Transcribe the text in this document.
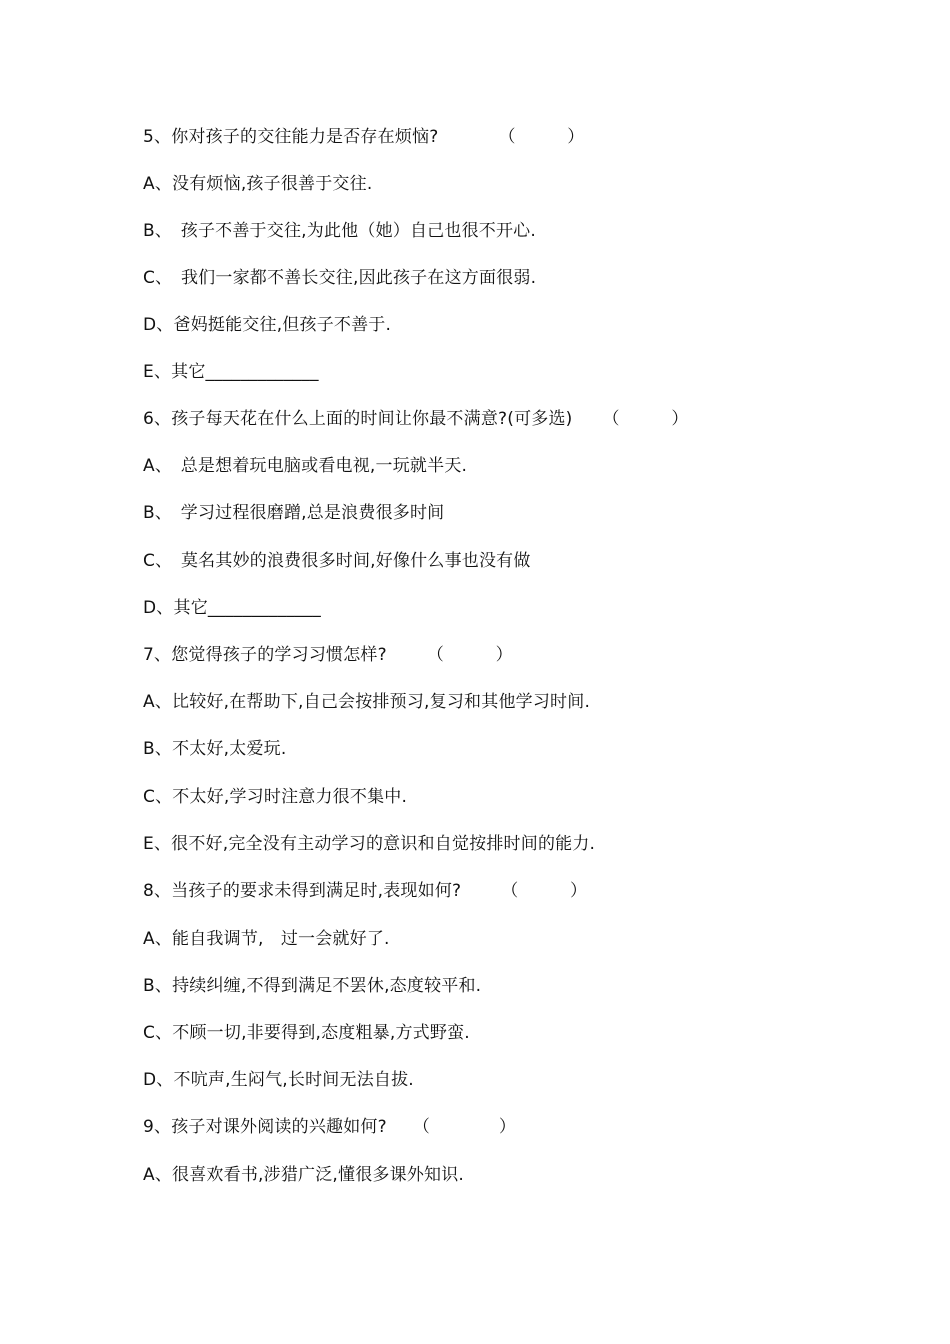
5、你对孩子的交往能力是否存在烦恼?	（　　　）
A、没有烦恼,孩子很善于交往.
B、　孩子不善于交往,为此他（她）自己也很不开心.
C、　我们一家都不善长交往,因此孩子在这方面很弱.
D、爸妈挺能交往,但孩子不善于.
E、其它_____________
6、孩子每天花在什么上面的时间让你最不满意?(可多选) （　　　）
A、　总是想着玩电脑或看电视,一玩就半天.
B、　学习过程很磨蹭,总是浪费很多时间
C、　莫名其妙的浪费很多时间,好像什么事也没有做
D、其它_____________
7、您觉得孩子的学习习惯怎样? （　　　）
A、比较好,在帮助下,自己会按排预习,复习和其他学习时间.
B、不太好,太爱玩.
C、不太好,学习时注意力很不集中.
E、很不好,完全没有主动学习的意识和自觉按排时间的能力.
8、当孩子的要求未得到满足时,表现如何? （　　　）
A、能自我调节,　过一会就好了.
B、持续纠缠,不得到满足不罢休,态度较平和.
C、不顾一切,非要得到,态度粗暴,方式野蛮.
D、不吭声,生闷气,长时间无法自拔.
9、孩子对课外阅读的兴趣如何? （　　　　）
A、很喜欢看书,涉猎广泛,懂很多课外知识.
